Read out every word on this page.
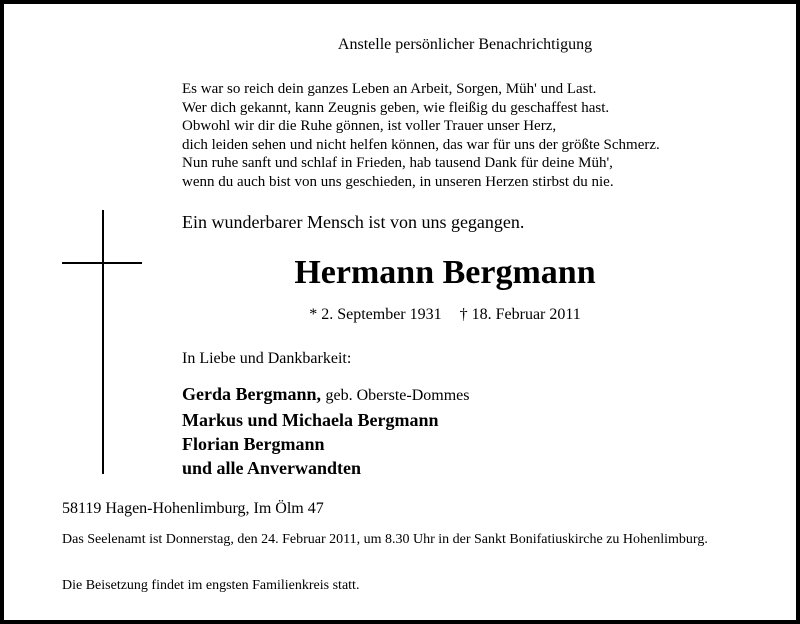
Anstelle persönlicher Benachrichtigung
Es war so reich dein ganzes Leben an Arbeit, Sorgen, Müh' und Last.
Wer dich gekannt, kann Zeugnis geben, wie fleißig du geschaffest hast.
Obwohl wir dir die Ruhe gönnen, ist voller Trauer unser Herz,
dich leiden sehen und nicht helfen können, das war für uns der größte Schmerz.
Nun ruhe sanft und schlaf in Frieden, hab tausend Dank für deine Müh',
wenn du auch bist von uns geschieden, in unseren Herzen stirbst du nie.
Ein wunderbarer Mensch ist von uns gegangen.
Hermann Bergmann
* 2. September 1931 † 18. Februar 2011
In Liebe und Dankbarkeit:
Gerda Bergmann, geb. Oberste-Dommes
Markus und Michaela Bergmann
Florian Bergmann
und alle Anverwandten
58119 Hagen-Hohenlimburg, Im Ölm 47
Das Seelenamt ist Donnerstag, den 24. Februar 2011, um 8.30 Uhr in der Sankt Bonifatiuskirche zu Hohenlimburg.
Die Beisetzung findet im engsten Familienkreis statt.
